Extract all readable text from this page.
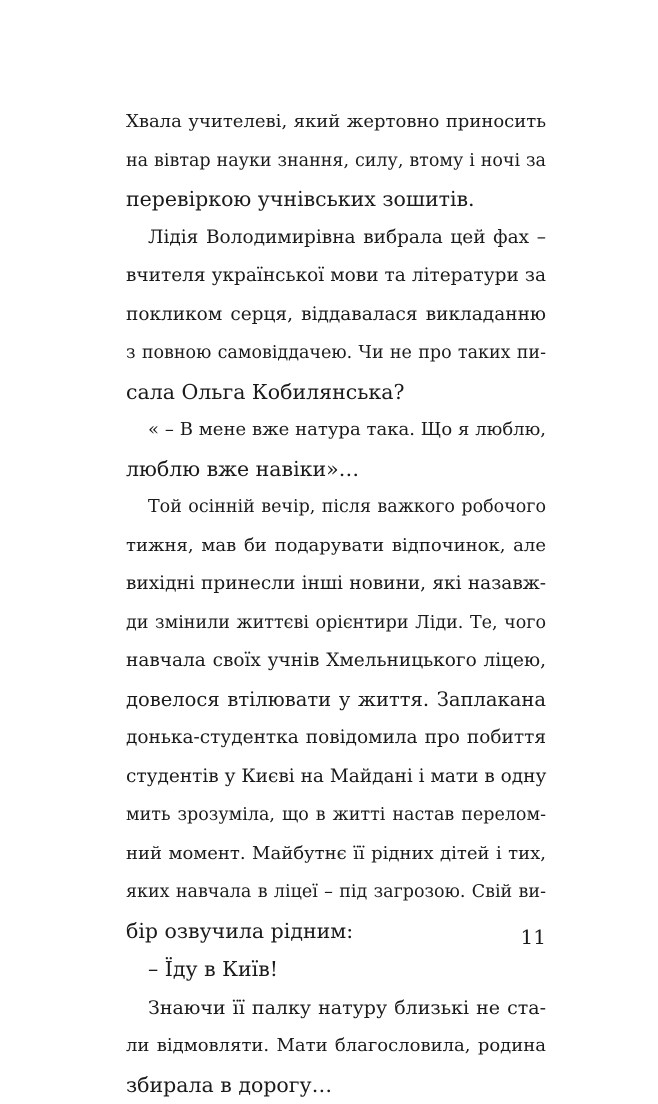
Хвала учителеві, який жертовно приносить
на вівтар науки знання, силу, втому і ночі за
перевіркою учнівських зошитів.
Лідія Володимирівна вибрала цей фах –
вчителя української мови та літератури за
покликом серця, віддавалася викладанню
з повною самовіддачею. Чи не про таких пи-
сала Ольга Кобилянська?
« – В мене вже натура така. Що я люблю,
люблю вже навіки»…
Той осінній вечір, після важкого робочого
тижня, мав би подарувати відпочинок, але
вихідні принесли інші новини, які назавж-
ди змінили життєві орієнтири Ліди. Те, чого
навчала своїх учнів Хмельницького ліцею,
довелося втілювати у життя. Заплакана
донька-студентка повідомила про побиття
студентів у Києві на Майдані і мати в одну
мить зрозуміла, що в житті настав перелом-
ний момент. Майбутнє її рідних дітей і тих,
яких навчала в ліцеї – під загрозою. Свій ви-
бір озвучила рідним:
– Їду в Київ!
Знаючи її палку натуру близькі не ста-
ли відмовляти. Мати благословила, родина
збирала в дорогу…
11
